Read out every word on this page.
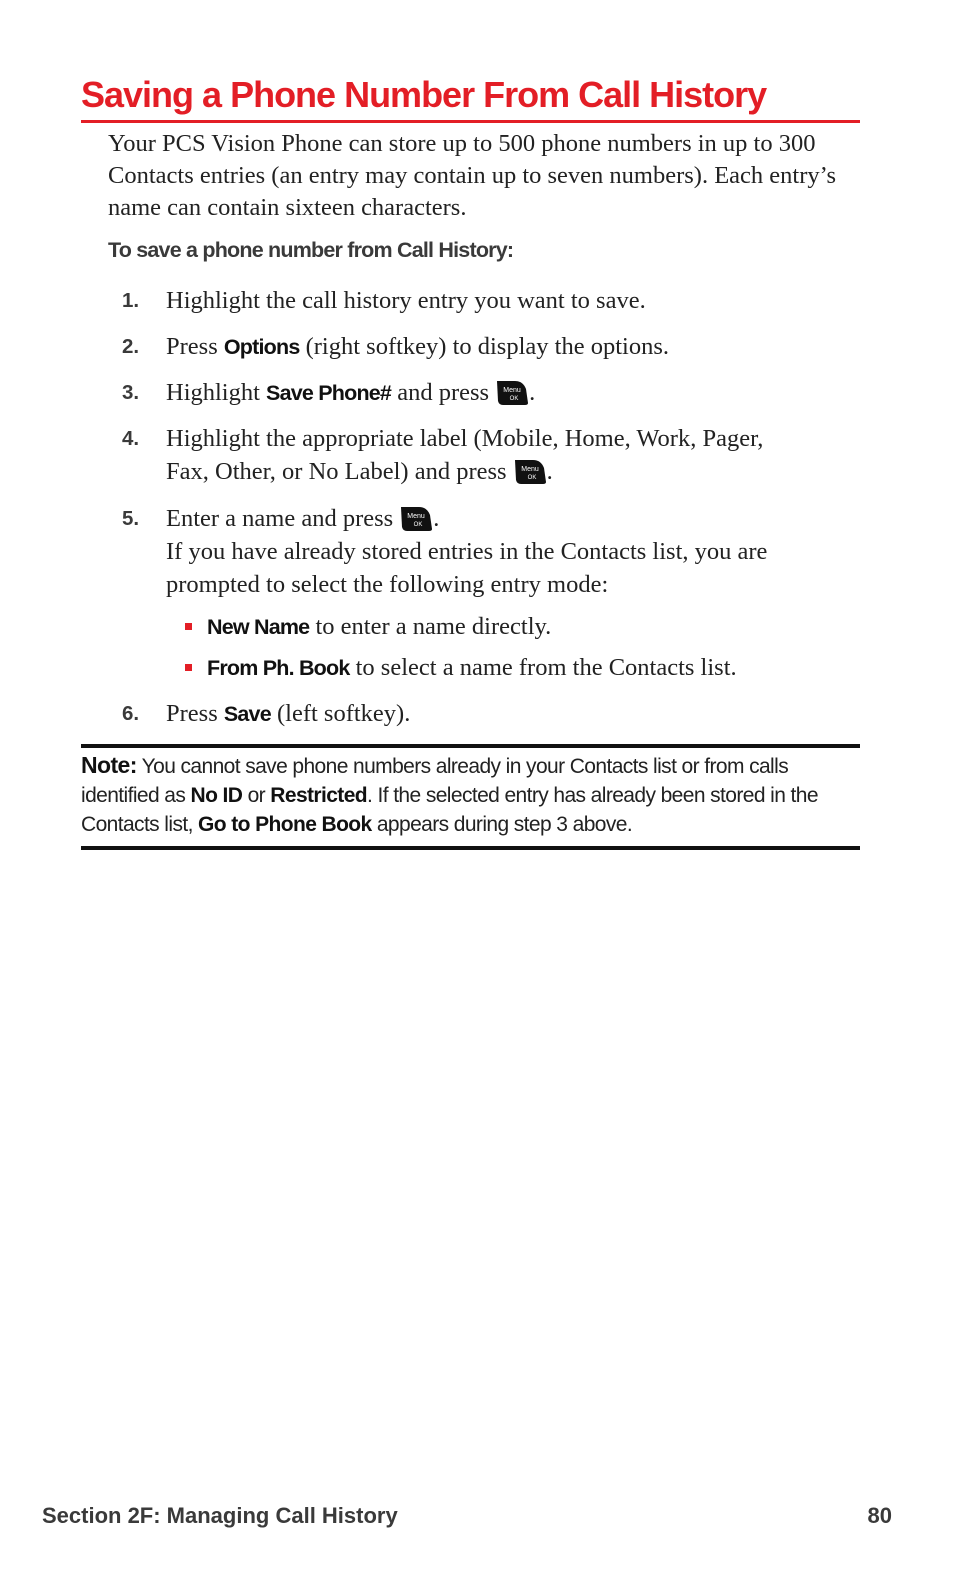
Saving a Phone Number From Call History

Your PCS Vision Phone can store up to 500 phone numbers in up to 300 Contacts entries (an entry may contain up to seven numbers). Each entry’s name can contain sixteen characters.

To save a phone number from Call History:

1.	Highlight the call history entry you want to save.
2.	Press Options (right softkey) to display the options.
3.	Highlight Save Phone# and press Menu
OK .
4.	Highlight the appropriate label (Mobile, Home, Work, Pager,
Fax, Other, or No Label) and press Menu
OK .
5.	Enter a name and press Menu
OK .
If you have already stored entries in the Contacts list, you are
prompted to select the following entry mode:
New Name to enter a name directly.
From Ph. Book to select a name from the Contacts list.
6.	Press Save (left softkey).
Note: You cannot save phone numbers already in your Contacts list or from calls identified as No ID or Restricted. If the selected entry has already been stored in the Contacts list, Go to Phone Book appears during step 3 above.
Section 2F: Managing Call History	80
